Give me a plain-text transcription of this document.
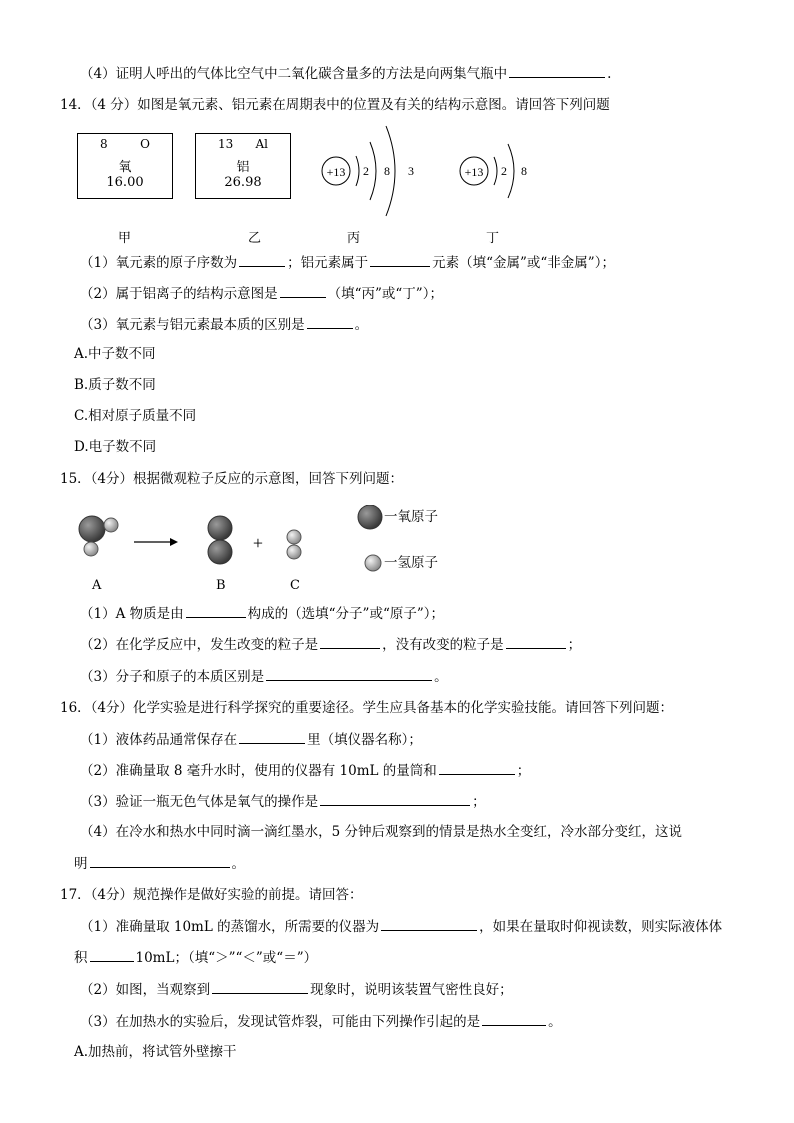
（4）证明人呼出的气体比空气中二氧化碳含量多的方法是向两集气瓶中	.
14．（4 分）如图是氧元素、铝元素在周期表中的位置及有关的结构示意图。请回答下列问题
8	O
氧
16.00
13 Al
铝
26.98
+13 2 8 3	+13 2 8
甲	乙	丙	丁
（1）氧元素的原子序数为	；铝元素属于	元素（填“金属”或“非金属”）；
（2）属于铝离子的结构示意图是	（填“丙”或“丁”）；
（3）氧元素与铝元素最本质的区别是	。
A.中子数不同
B.质子数不同
C.相对原子质量不同
D.电子数不同
15．（4分）根据微观粒子反应的示意图，回答下列问题：
+
一氧原子
一氢原子
A	B	C
（1）A 物质是由	构成的（选填“分子”或“原子”）；
（2）在化学反应中，发生改变的粒子是	，没有改变的粒子是	；
（3）分子和原子的本质区别是	。
16．（4分）化学实验是进行科学探究的重要途径。学生应具备基本的化学实验技能。请回答下列问题：
（1）液体药品通常保存在	里（填仪器名称）；
（2）准确量取 8 毫升水时，使用的仪器有 10mL 的量筒和	；
（3）验证一瓶无色气体是氧气的操作是	；
（4）在冷水和热水中同时滴一滴红墨水，5 分钟后观察到的情景是热水全变红，冷水部分变红，这说
明	。
17．（4分）规范操作是做好实验的前提。请回答：
（1）准确量取 10mL 的蒸馏水，所需要的仪器为	，如果在量取时仰视读数，则实际液体体
积	10mL；（填“＞”“＜”或“＝”）
（2）如图，当观察到	现象时，说明该装置气密性良好；
（3）在加热水的实验后，发现试管炸裂，可能由下列操作引起的是	。
A.加热前，将试管外壁擦干
